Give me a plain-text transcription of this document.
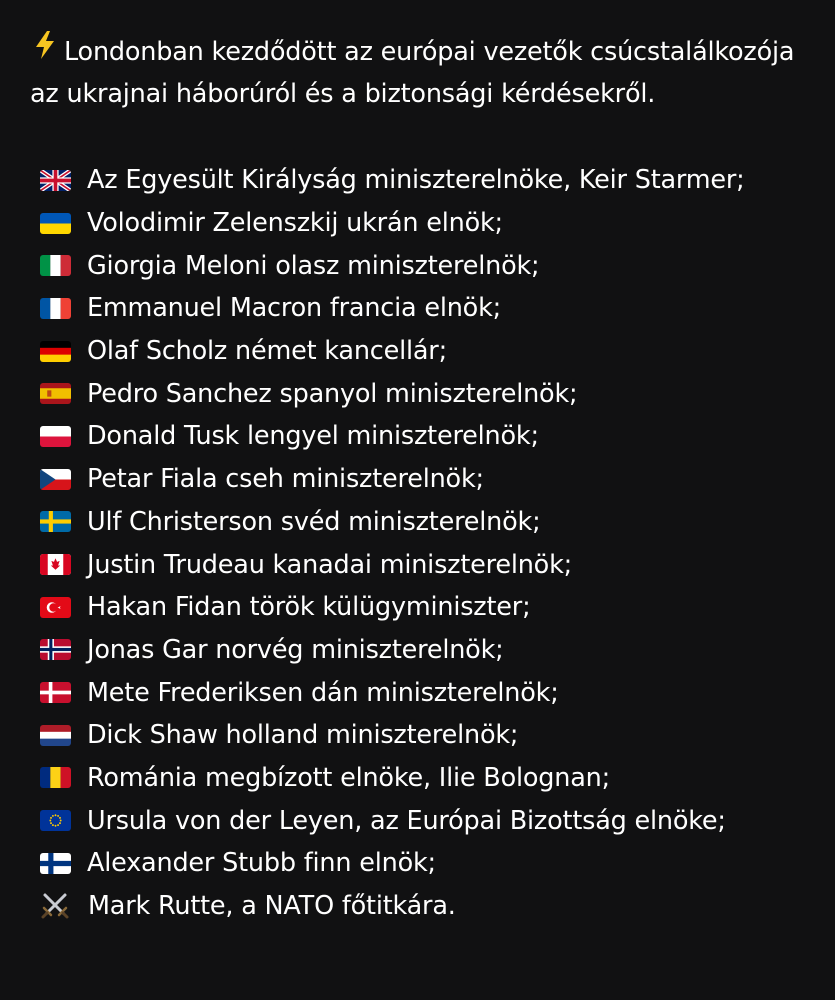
Londonban kezdődött az európai vezetők csúcstalálkozója az ukrajnai háborúról és a biztonsági kérdésekről.

Az Egyesült Királyság miniszterelnöke, Keir Starmer;
Volodimir Zelenszkij ukrán elnök;
Giorgia Meloni olasz miniszterelnök;
Emmanuel Macron francia elnök;
Olaf Scholz német kancellár;
Pedro Sanchez spanyol miniszterelnök;
Donald Tusk lengyel miniszterelnök;
Petar Fiala cseh miniszterelnök;
Ulf Christerson svéd miniszterelnök;
Justin Trudeau kanadai miniszterelnök;
Hakan Fidan török külügyminiszter;
Jonas Gar norvég miniszterelnök;
Mete Frederiksen dán miniszterelnök;
Dick Shaw holland miniszterelnök;
Románia megbízott elnöke, Ilie Bolognan;
Ursula von der Leyen, az Európai Bizottság elnöke;
Alexander Stubb finn elnök;
Mark Rutte, a NATO főtitkára.
